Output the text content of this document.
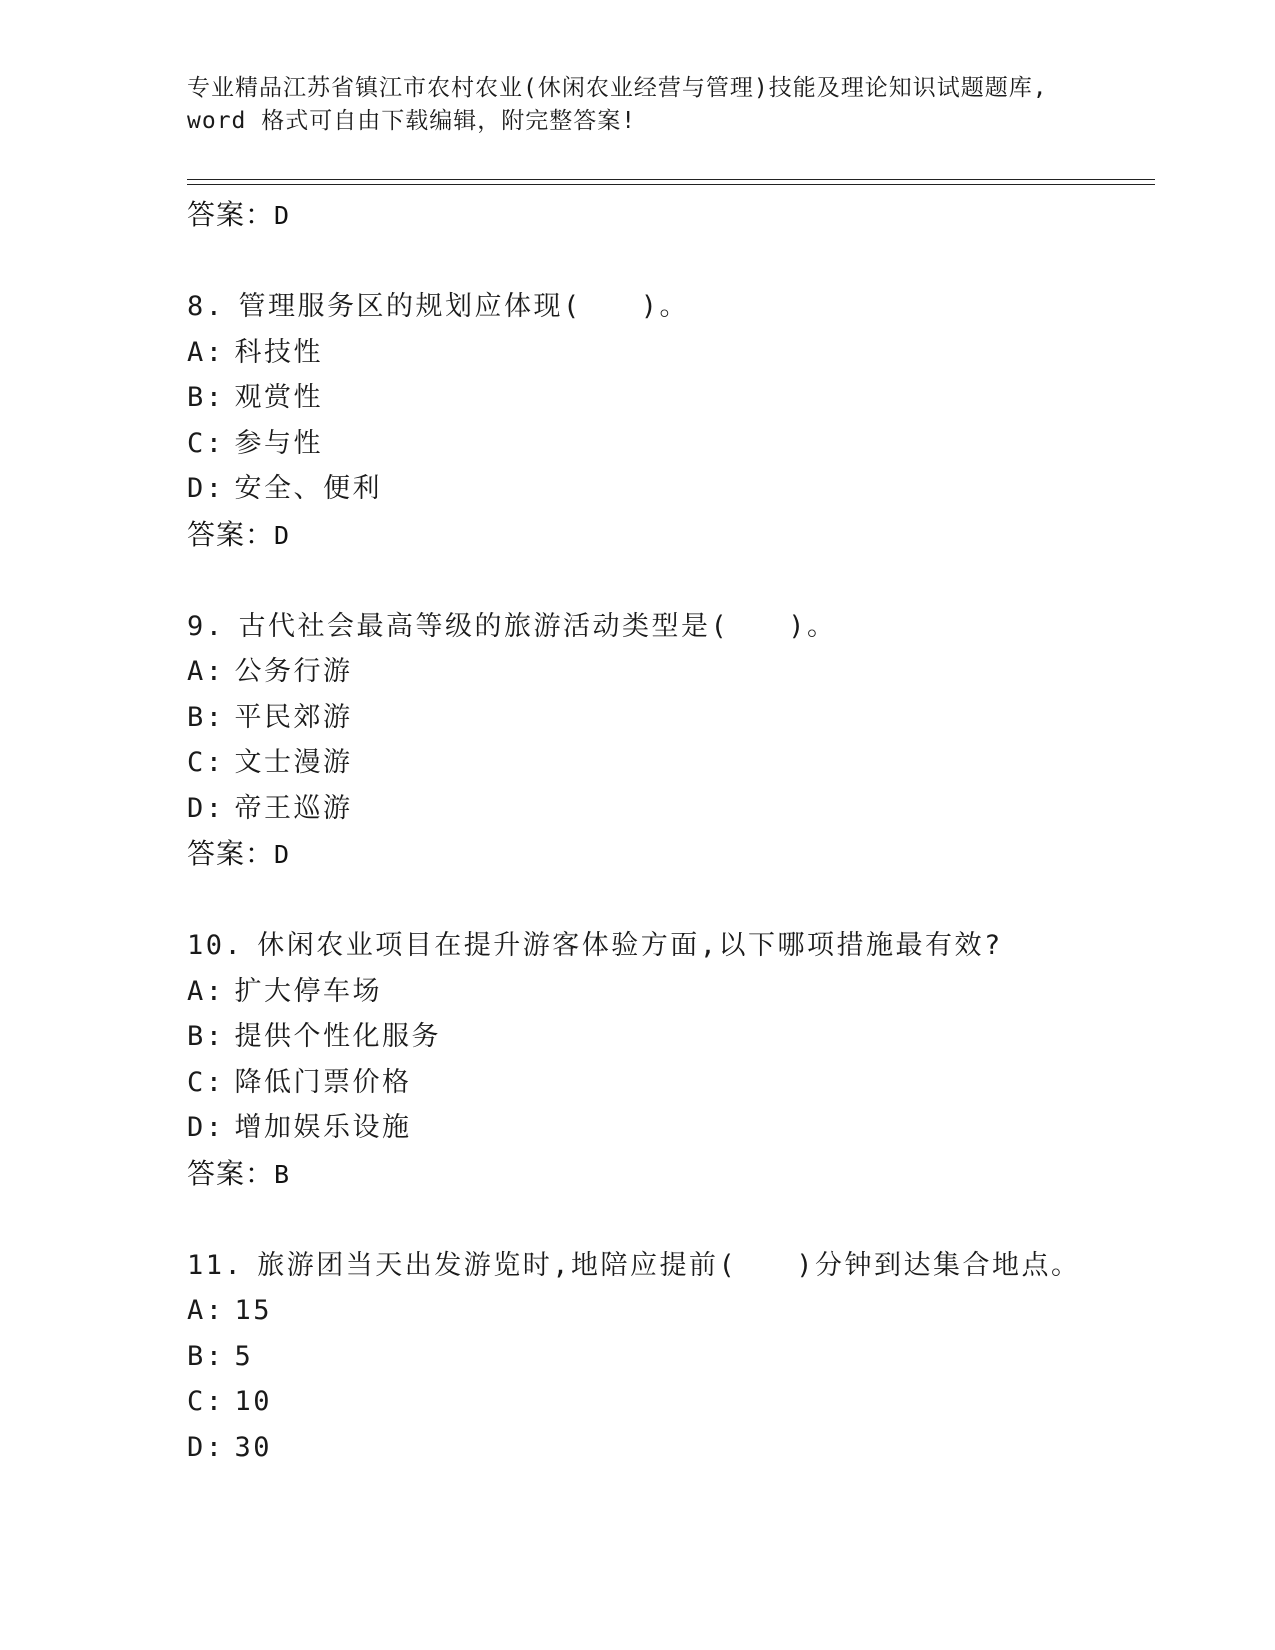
专业精品江苏省镇江市农村农业(休闲农业经营与管理)技能及理论知识试题题库,
word 格式可自由下载编辑，附完整答案!
答案：D
8. 管理服务区的规划应体现(　　)。
A: 科技性
B: 观赏性
C: 参与性
D: 安全、便利
答案：D
9. 古代社会最高等级的旅游活动类型是(　　)。
A: 公务行游
B: 平民郊游
C: 文士漫游
D: 帝王巡游
答案：D
10. 休闲农业项目在提升游客体验方面,以下哪项措施最有效?
A: 扩大停车场
B: 提供个性化服务
C: 降低门票价格
D: 增加娱乐设施
答案：B
11. 旅游团当天出发游览时,地陪应提前(　　)分钟到达集合地点。
A: 15
B: 5
C: 10
D: 30
